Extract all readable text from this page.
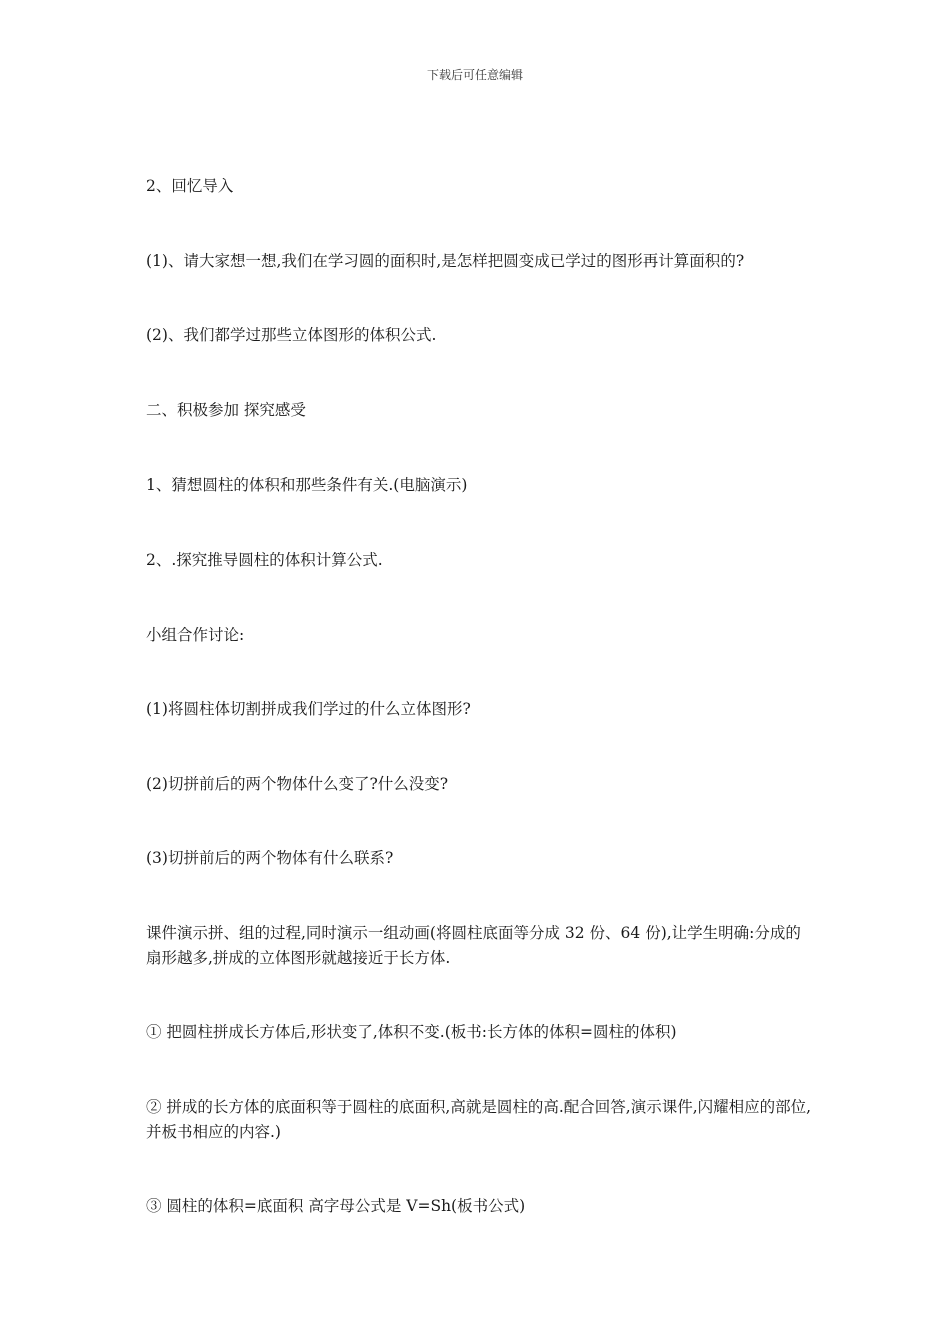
下载后可任意编辑
2、回忆导入
(1)、请大家想一想,我们在学习圆的面积时,是怎样把圆变成已学过的图形再计算面积的?
(2)、我们都学过那些立体图形的体积公式.
二、积极参加 探究感受
1、猜想圆柱的体积和那些条件有关.(电脑演示)
2、.探究推导圆柱的体积计算公式.
小组合作讨论:
(1)将圆柱体切割拼成我们学过的什么立体图形?
(2)切拼前后的两个物体什么变了?什么没变?
(3)切拼前后的两个物体有什么联系?
课件演示拼、组的过程,同时演示一组动画(将圆柱底面等分成 32 份、64 份),让学生明确:分成的扇形越多,拼成的立体图形就越接近于长方体.
① 把圆柱拼成长方体后,形状变了,体积不变.(板书:长方体的体积=圆柱的体积)
② 拼成的长方体的底面积等于圆柱的底面积,高就是圆柱的高.配合回答,演示课件,闪耀相应的部位,并板书相应的内容.)
③ 圆柱的体积=底面积 高字母公式是 V=Sh(板书公式)
